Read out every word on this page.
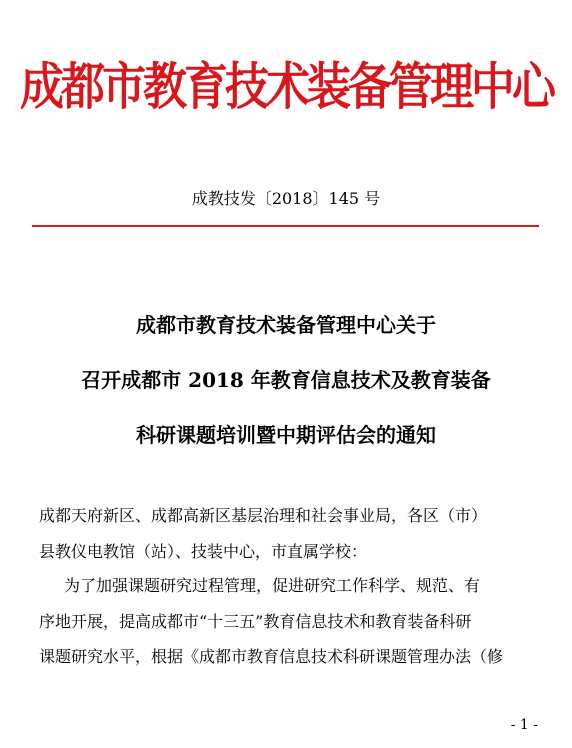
成都市教育技术装备管理中心
成教技发〔2018〕145 号
成都市教育技术装备管理中心关于
召开成都市 2018 年教育信息技术及教育装备
科研课题培训暨中期评估会的通知
成都天府新区、成都高新区基层治理和社会事业局，各区（市）
县教仪电教馆（站）、技装中心，市直属学校：
为了加强课题研究过程管理，促进研究工作科学、规范、有
序地开展，提高成都市“十三五”教育信息技术和教育装备科研
课题研究水平，根据《成都市教育信息技术科研课题管理办法（修
- 1 -
